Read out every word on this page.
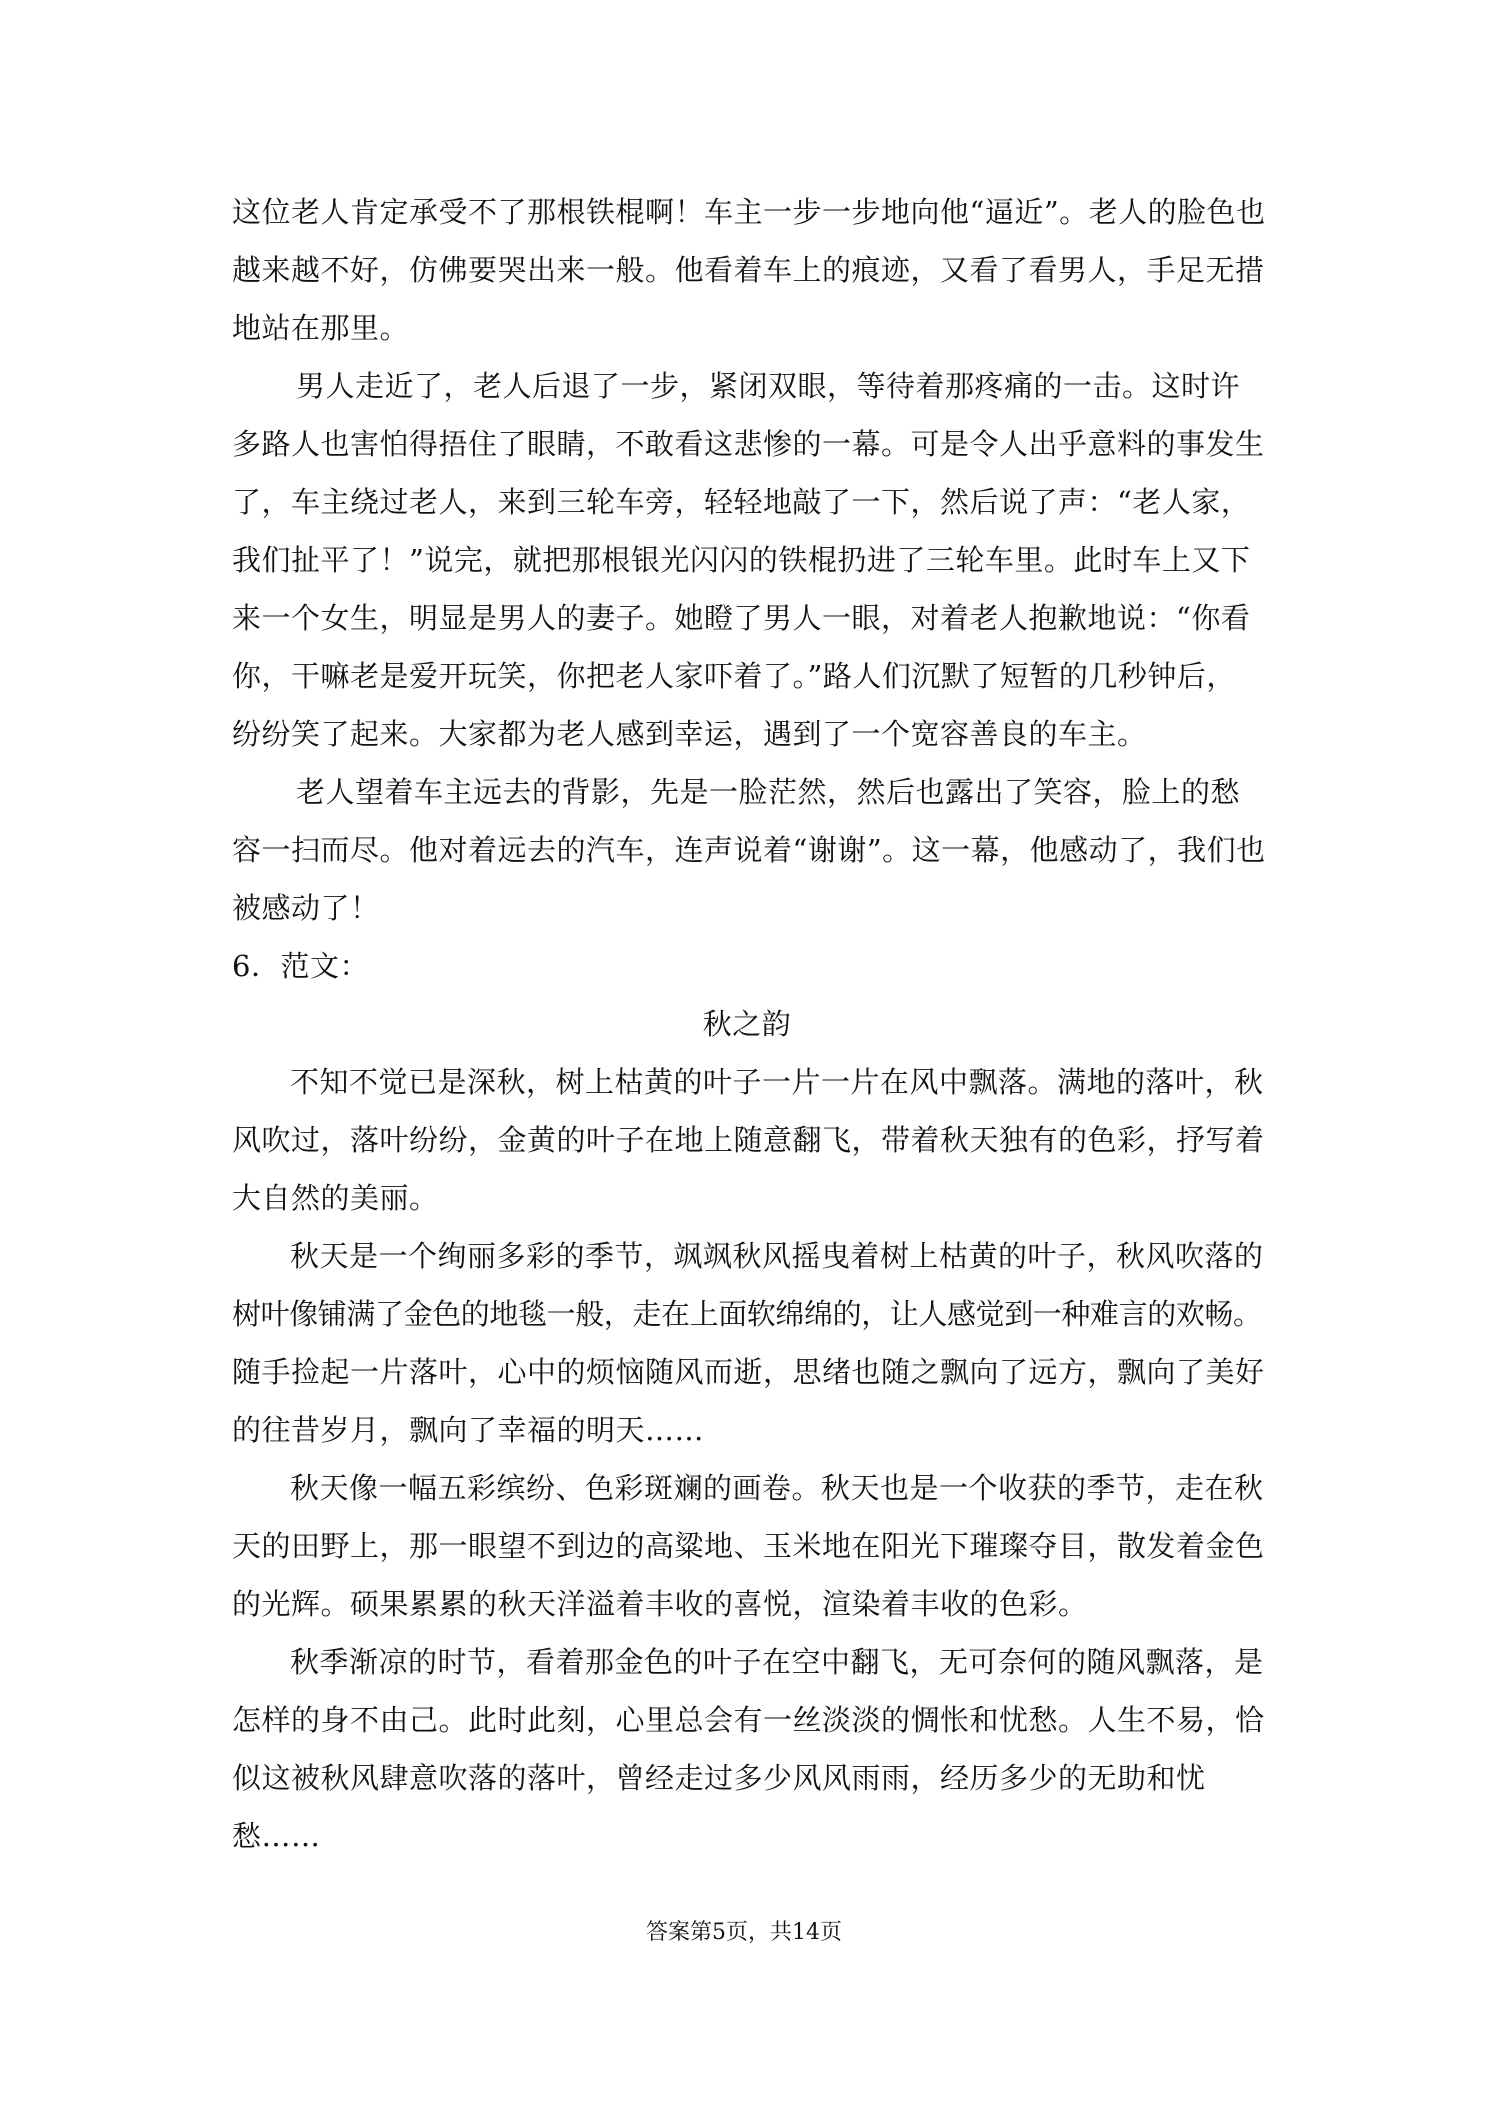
这位老人肯定承受不了那根铁棍啊！车主一步一步地向他“逼近”。老人的脸色也
越来越不好，仿佛要哭出来一般。他看着车上的痕迹，又看了看男人，手足无措
地站在那里。
男人走近了，老人后退了一步，紧闭双眼，等待着那疼痛的一击。这时许
多路人也害怕得捂住了眼睛，不敢看这悲惨的一幕。可是令人出乎意料的事发生
了，车主绕过老人，来到三轮车旁，轻轻地敲了一下，然后说了声：“老人家，
我们扯平了！”说完，就把那根银光闪闪的铁棍扔进了三轮车里。此时车上又下
来一个女生，明显是男人的妻子。她瞪了男人一眼，对着老人抱歉地说：“你看
你，干嘛老是爱开玩笑，你把老人家吓着了。”路人们沉默了短暂的几秒钟后，
纷纷笑了起来。大家都为老人感到幸运，遇到了一个宽容善良的车主。
老人望着车主远去的背影，先是一脸茫然，然后也露出了笑容，脸上的愁
容一扫而尽。他对着远去的汽车，连声说着“谢谢”。这一幕，他感动了，我们也
被感动了！
6．范文：
秋之韵
不知不觉已是深秋，树上枯黄的叶子一片一片在风中飘落。满地的落叶，秋
风吹过，落叶纷纷，金黄的叶子在地上随意翻飞，带着秋天独有的色彩，抒写着
大自然的美丽。
秋天是一个绚丽多彩的季节，飒飒秋风摇曳着树上枯黄的叶子，秋风吹落的
树叶像铺满了金色的地毯一般，走在上面软绵绵的，让人感觉到一种难言的欢畅。
随手捡起一片落叶，心中的烦恼随风而逝，思绪也随之飘向了远方，飘向了美好
的往昔岁月，飘向了幸福的明天……
秋天像一幅五彩缤纷、色彩斑斓的画卷。秋天也是一个收获的季节，走在秋
天的田野上，那一眼望不到边的高粱地、玉米地在阳光下璀璨夺目，散发着金色
的光辉。硕果累累的秋天洋溢着丰收的喜悦，渲染着丰收的色彩。
秋季渐凉的时节，看着那金色的叶子在空中翻飞，无可奈何的随风飘落，是
怎样的身不由己。此时此刻，心里总会有一丝淡淡的惆怅和忧愁。人生不易，恰
似这被秋风肆意吹落的落叶，曾经走过多少风风雨雨，经历多少的无助和忧
愁……
答案第5页，共14页
